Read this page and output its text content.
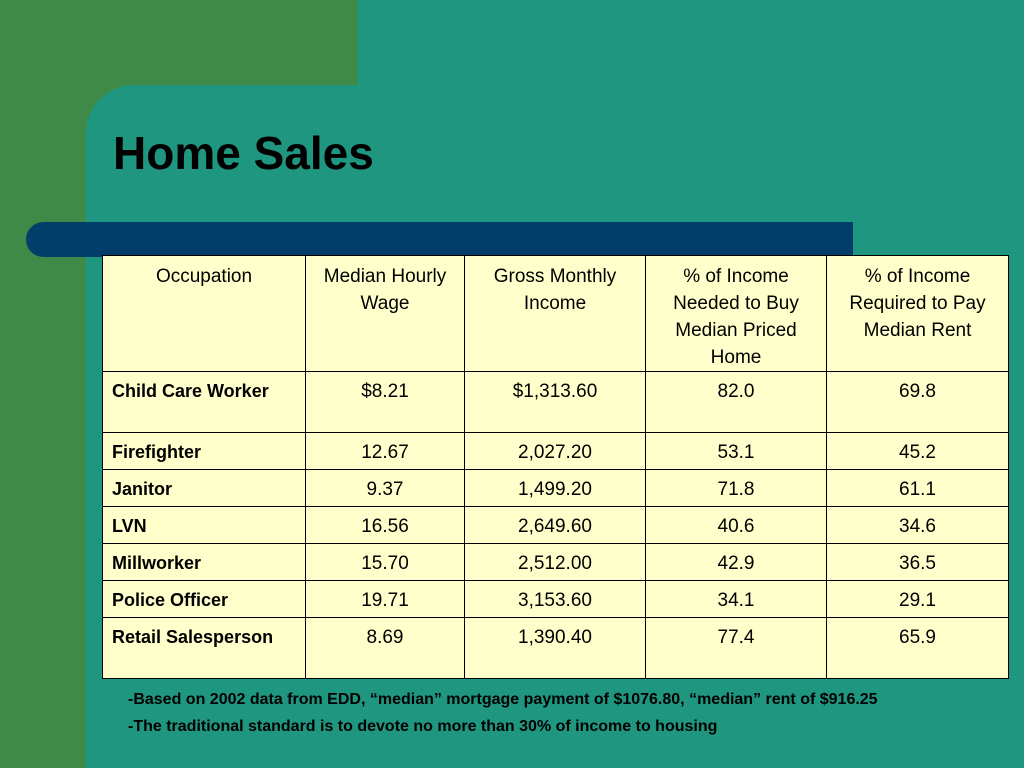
Home Sales
Occupation	Median Hourly Wage	Gross Monthly Income	% of Income Needed to Buy Median Priced Home	% of Income Required to Pay Median Rent
Child Care Worker	$8.21	$1,313.60	82.0	69.8
Firefighter	12.67	2,027.20	53.1	45.2
Janitor	9.37	1,499.20	71.8	61.1
LVN	16.56	2,649.60	40.6	34.6
Millworker	15.70	2,512.00	42.9	36.5
Police Officer	19.71	3,153.60	34.1	29.1
Retail Salesperson	8.69	1,390.40	77.4	65.9

-Based on 2002 data from EDD, “median” mortgage payment of $1076.80, “median” rent of $916.25

-The traditional standard is to devote no more than 30% of income to housing
